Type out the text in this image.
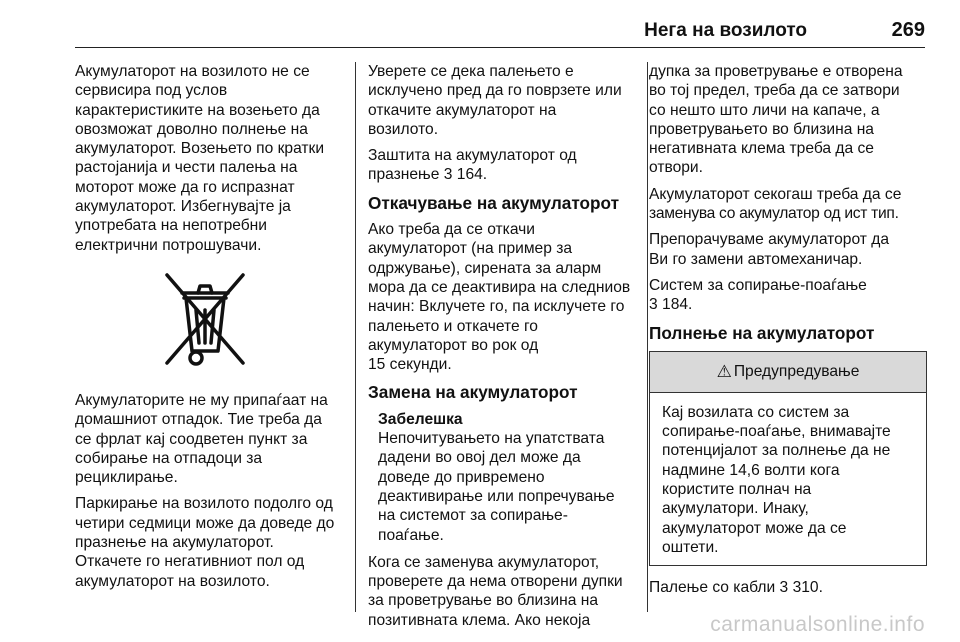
Нега на возилото	269

Акумулаторот на возилото не се
сервисира под услов
карактеристиките на возењето да
овозможат доволно полнење на
акумулаторот. Возењето по кратки
растојанија и чести палења на
моторот може да го испразнат
акумулаторот. Избегнувајте ја
употребата на непотребни
електрични потрошувачи.

Акумулаторите не му припаѓаат на
домашниот отпадок. Тие треба да
се фрлат кај соодветен пункт за
собирање на отпадоци за
рециклирање.

Паркирање на возилото подолго од
четири седмици може да доведе до
празнење на акумулаторот.
Откачете го негативниот пол од
акумулаторот на возилото.

Уверете се дека палењето е
исклучено пред да го поврзете или
откачите акумулаторот на
возилото.

Заштита на акумулаторот од
празнење 3 164.

Откачување на акумулаторот

Ако треба да се откачи
акумулаторот (на пример за
одржување), сирената за аларм
мора да се деактивира на следниов
начин: Вклучете го, па исклучете го
палењето и откачете го
акумулаторот во рок од
15 секунди.

Замена на акумулаторот
Забелешка
Непочитувањето на упатствата
дадени во овој дел може да
доведе до привремено
деактивирање или попречување
на системот за сопирање-
поаѓање.

Кога се заменува акумулаторот,
проверете да нема отворени дупки
за проветрување во близина на
позитивната клема. Ако некоја

дупка за проветрување е отворена
во тој предел, треба да се затвори
со нешто што личи на капаче, а
проветрувањето во близина на
негативната клема треба да се
отвори.

Акумулаторот секогаш треба да се
заменува со акумулатор од ист тип.

Препорачуваме акумулаторот да
Ви го замени автомеханичар.

Систем за сопирање-поаѓање
3 184.

Полнење на акумулаторот
⚠ Предупредување
Кај возилата со систем за
сопирање-поаѓање, внимавајте
потенцијалот за полнење да не
надмине 14,6 волти кога
користите полнач на
акумулатори. Инаку,
акумулаторот може да се
оштети.

Палење со кабли 3 310.

carmanualsonline.info
